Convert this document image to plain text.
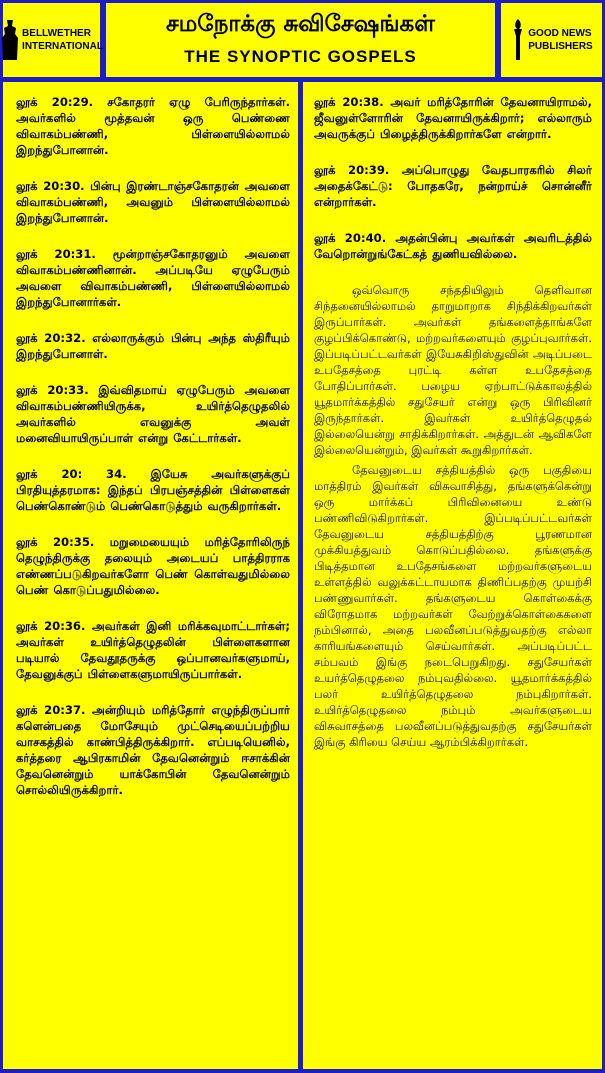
BELLWETHER
INTERNATIONAL
சமநோக்கு சுவிசேஷங்கள்
THE SYNOPTIC GOSPELS
GOOD NEWS
PUBLISHERS

லூக் 20:29. சகோதரர் ஏழு பேரிருந்தார்கள். அவர்களில் மூத்தவன் ஒரு பெண்ணை விவாகம்பண்ணி, பிள்ளையில்லாமல் இறந்துபோனான்.

லூக் 20:30. பின்பு இரண்டாஞ்சகோதரன் அவளை விவாகம்பண்ணி, அவனும் பிள்ளையில்லாமல் இறந்துபோனான்.

லூக் 20:31. மூன்றாஞ்சகோதரனும் அவளை விவாகம்பண்ணினான். அப்படியே ஏழுபேரும் அவளை விவாகம்பண்ணி, பிள்ளையில்லாமல் இறந்துபோனார்கள்.

லூக் 20:32. எல்லாருக்கும் பின்பு அந்த ஸ்திரீயும் இறந்துபோனாள்.

லூக் 20:33. இவ்விதமாய் ஏழுபேரும் அவளை விவாகம்பண்ணியிருக்க, உயிர்த்தெழுதலில் அவர்களில் எவனுக்கு அவள் மனைவியாயிருப்பாள் என்று கேட்டார்கள்.

லூக் 20: 34. இயேசு அவர்களுக்குப் பிரதியுத்தரமாக: இந்தப் பிரபஞ்சத்தின் பிள்ளைகள் பெண்கொண்டும் பெண்கொடுத்தும் வருகிறார்கள்.

லூக் 20:35. மறுமையையும் மரித்தோரிலிருந் தெழுந்திருக்கு தலையும் அடையப் பாத்திரராக எண்ணப்படுகிறவர்களோ பெண் கொள்வதுமில்லை பெண் கொடுப்பதுமில்லை.

லூக் 20:36. அவர்கள் இனி மரிக்கவுமாட்டார்கள்; அவர்கள் உயிர்த்தெழுதலின் பிள்ளைகளான படியால் தேவதூதருக்கு ஒப்பானவர்களுமாய், தேவனுக்குப் பிள்ளைகளுமாயிருப்பார்கள்.

லூக் 20:37. அன்றியும் மரித்தோர் எழுந்திருப்பார் களென்பதை மோசேயும் முட்செடியைப்பற்றிய வாசகத்தில் காண்பித்திருக்கிறார். எப்படியெனில், கர்த்தரை ஆபிரகாமின் தேவனென்றும் ஈசாக்கின் தேவனென்றும் யாக்கோபின் தேவனென்றும் சொல்லியிருக்கிறார்.

லூக் 20:38. அவர் மரித்தோரின் தேவனாயிராமல், ஜீவனுள்ளோரின் தேவனாயிருக்கிறார்; எல்லாரும் அவருக்குப் பிழைத்திருக்கிறார்களே என்றார்.

லூக் 20:39. அப்பொழுது வேதபாரகரில் சிலர் அதைக்கேட்டு: போதகரே, நன்றாய்ச் சொன்னீர் என்றார்கள்.

லூக் 20:40. அதன்பின்பு அவர்கள் அவரிடத்தில் வேறொன்றுங்கேட்கத் துணியவில்லை.

ஒவ்வொரு சந்ததியிலும் தெளிவான சிந்தனையில்லாமல் தாறுமாறாக சிந்திக்கிறவர்கள் இருப்பார்கள். அவர்கள் தங்களைத்தாங்களே குழப்பிக்கொண்டு, மற்றவர்களையும் குழப்புவார்கள். இப்படிப்பட்டவர்கள் இயேசுகிறிஸ்துவின் அடிப்படை உபதேசத்தை புரட்டி கள்ள உபதேசத்தை போதிப்பார்கள். பழைய ஏற்பாட்டுக்காலத்தில் யூதமார்க்கத்தில் சதுசேயர் என்று ஒரு பிரிவினர் இருந்தார்கள். இவர்கள் உயிர்த்தெழுதல் இல்லையென்று சாதிக்கிறார்கள். அத்துடன் ஆவிகளே இல்லையென்றும், இவர்கள் கூறுகிறார்கள்.

தேவனுடைய சத்தியத்தில் ஒரு பகுதியை மாத்திரம் இவர்கள் விசுவாசித்து, தங்களுக்கென்று ஒரு மார்க்கப் பிரிவினையை உண்டு பண்ணிவிடுகிறார்கள். இப்படிப்பட்டவர்கள் தேவனுடைய சத்தியத்திற்கு பூரணமான முக்கியத்துவம் கொடுப்பதில்லை. தங்களுக்கு பிடித்தமான உபதேசங்களை மற்றவர்களுடைய உள்ளத்தில் வலுக்கட்டாயமாக திணிப்பதற்கு முயற்சி பண்ணுவார்கள். தங்களுடைய கொள்கைக்கு விரோதமாக மற்றவர்கள் வேற்றுக்கொள்கைகளை நம்பினால், அதை பலவீனப்படுத்துவதற்கு எல்லா காரியங்களையும் செய்வார்கள். அப்படிப்பட்ட சம்பவம் இங்கு நடைபெறுகிறது. சதுசேயர்கள் உயர்த்தெழுதலை நம்புவதில்லை. யூதமார்க்கத்தில் பலர் உயிர்த்தெழுதலை நம்புகிறார்கள். உயிர்த்தெழுதலை நம்பும் அவர்களுடைய விசுவாசத்தை பலவீனப்படுத்துவதற்கு சதுசேயர்கள் இங்கு கிரியை செய்ய ஆரம்பிக்கிறார்கள்.
